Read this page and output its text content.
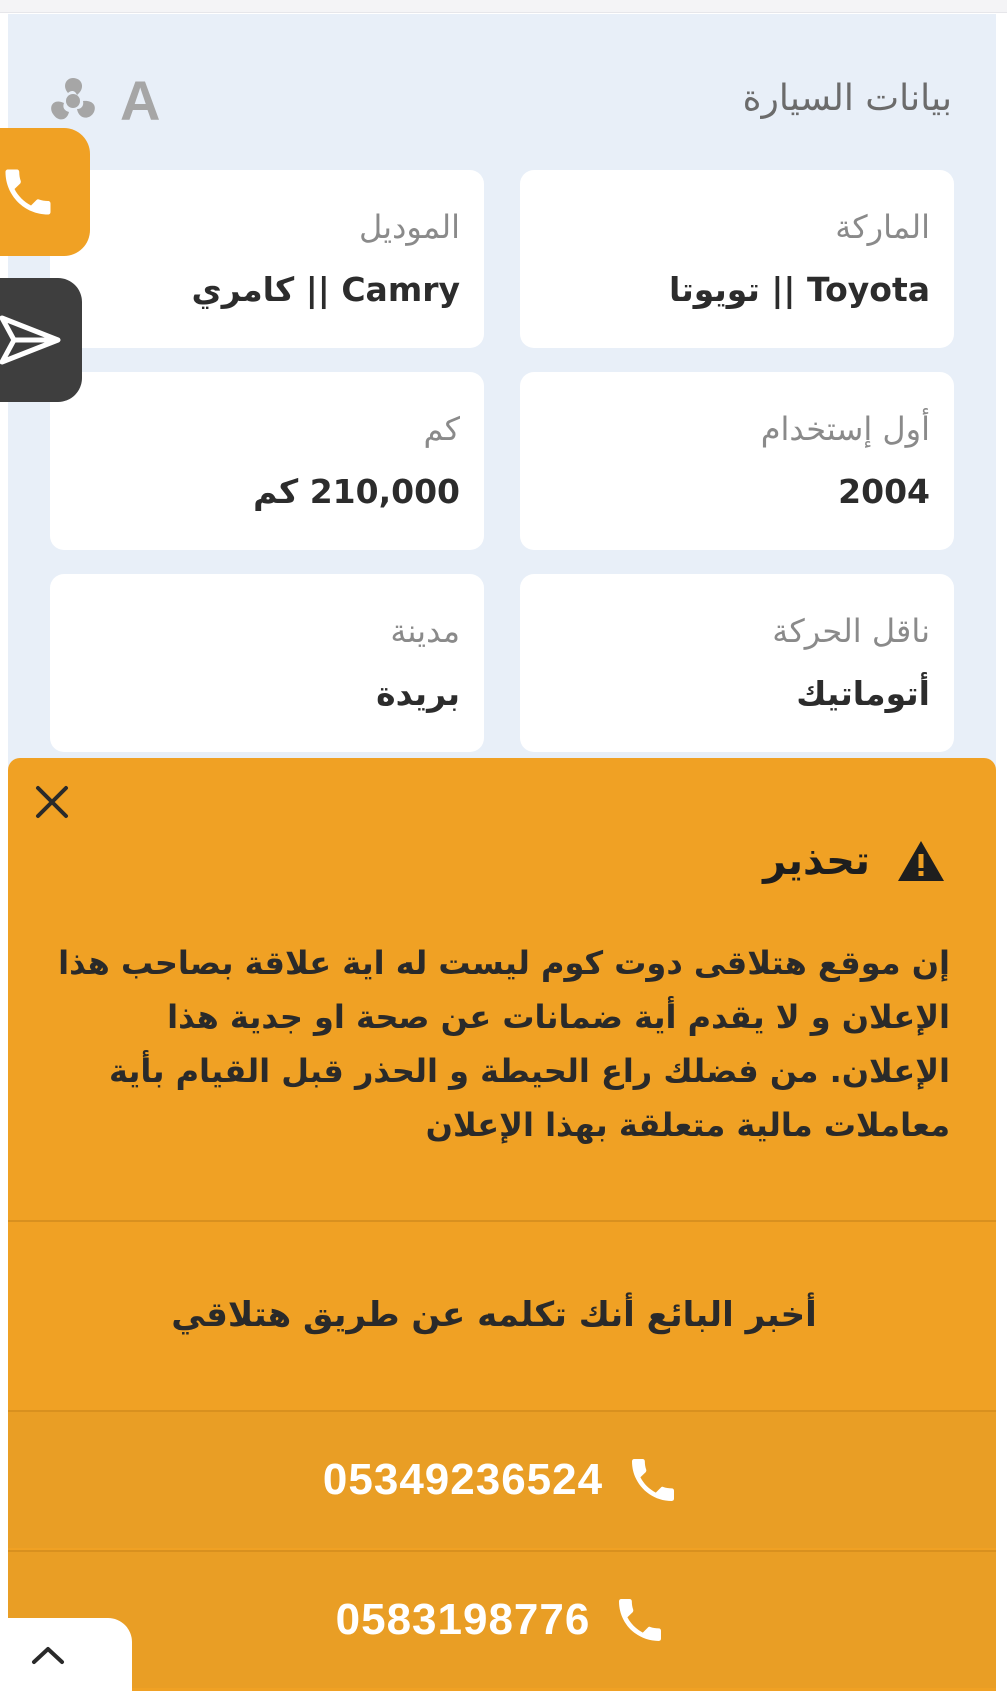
بيانات السيارة
A
الماركة
Toyota || تويوتا
الموديل
Camry || كامري
أول إستخدام
2004
كم
210,000 كم
ناقل الحركة
أتوماتيك
مدينة
بريدة
تحذير
إن موقع هتلاقى دوت كوم ليست له اية علاقة بصاحب هذا الإعلان و لا يقدم أية ضمانات عن صحة او جدية هذا الإعلان. من فضلك راع الحيطة و الحذر قبل القيام بأية معاملات مالية متعلقة بهذا الإعلان
05349236524
0583198776
أخبر البائع أنك تكلمه عن طريق هتلاقي
